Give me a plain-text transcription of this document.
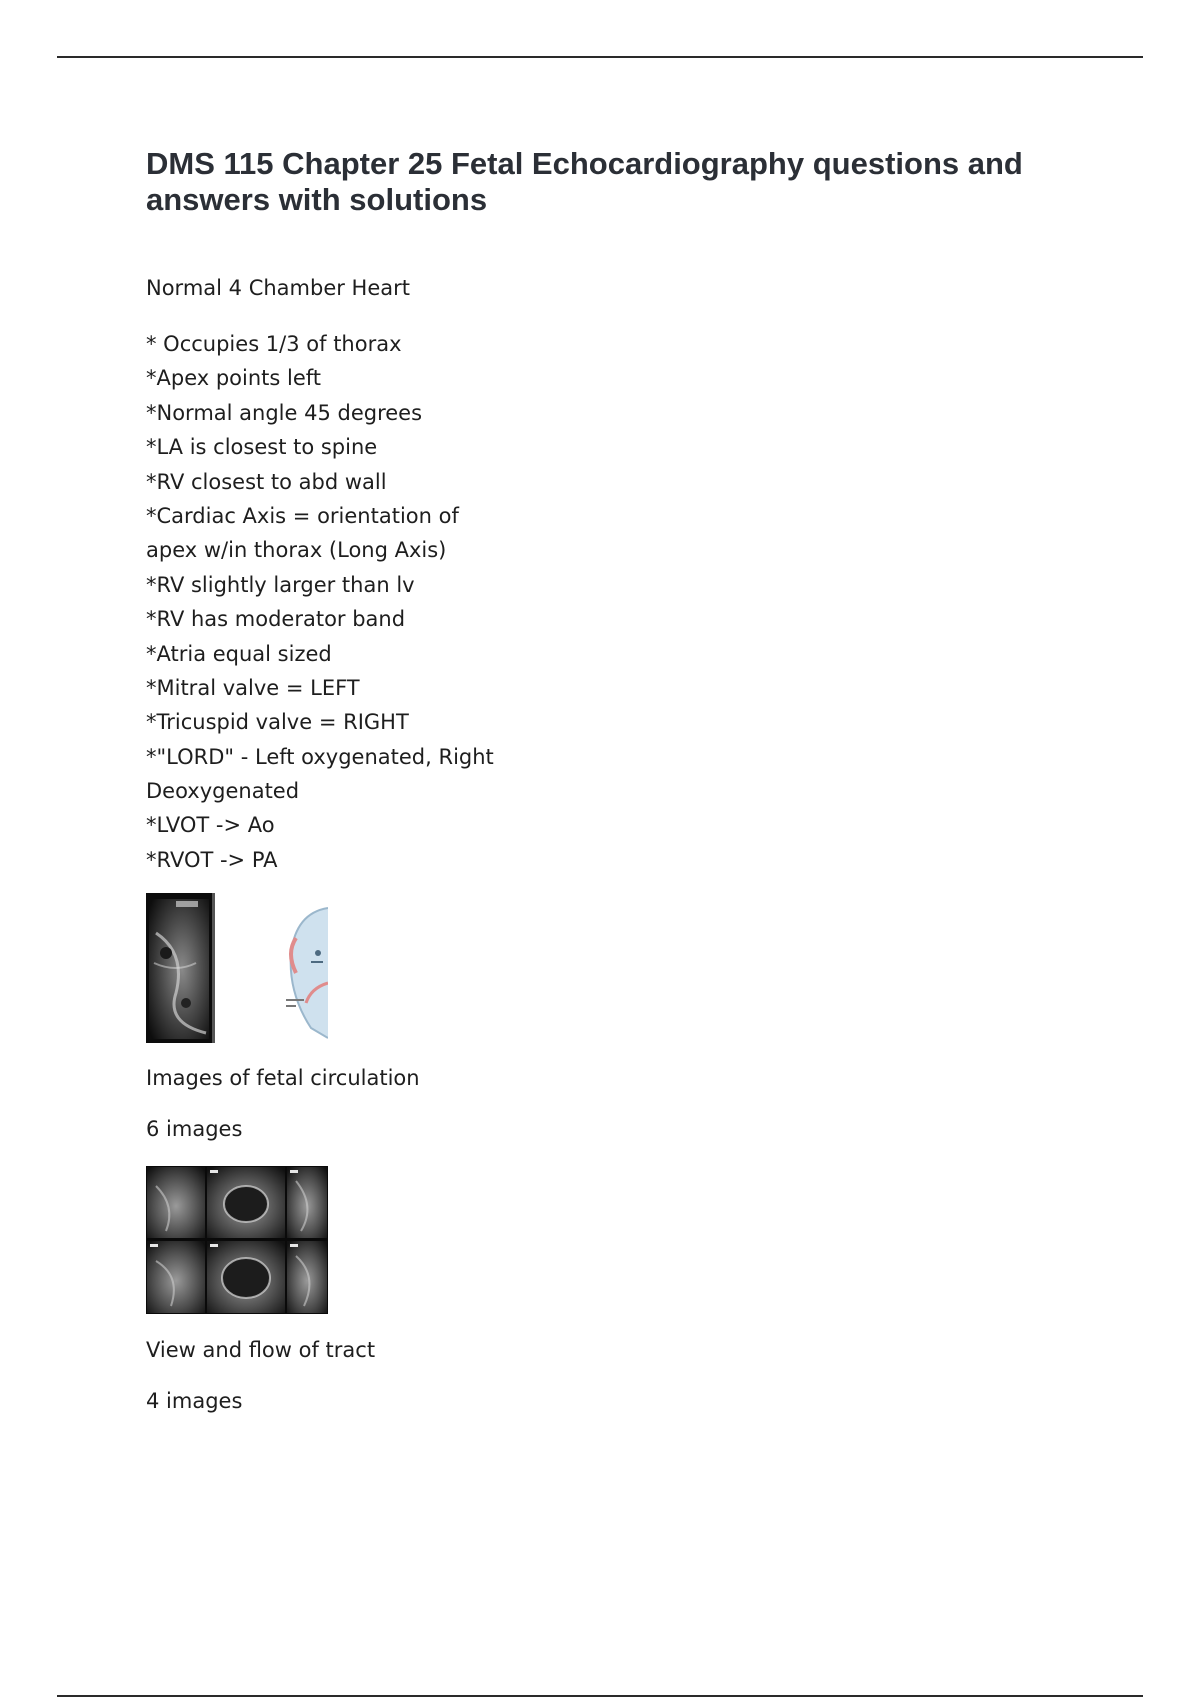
DMS 115 Chapter 25 Fetal Echocardiography questions and answers with solutions
Normal 4 Chamber Heart
* Occupies 1/3 of thorax
*Apex points left
*Normal angle 45 degrees
*LA is closest to spine
*RV closest to abd wall
*Cardiac Axis = orientation of
apex w/in thorax (Long Axis)
*RV slightly larger than lv
*RV has moderator band
*Atria equal sized
*Mitral valve = LEFT
*Tricuspid valve = RIGHT
*"LORD" - Left oxygenated, Right
Deoxygenated
*LVOT -> Ao
*RVOT -> PA
Images of fetal circulation
6 images
View and flow of tract
4 images
